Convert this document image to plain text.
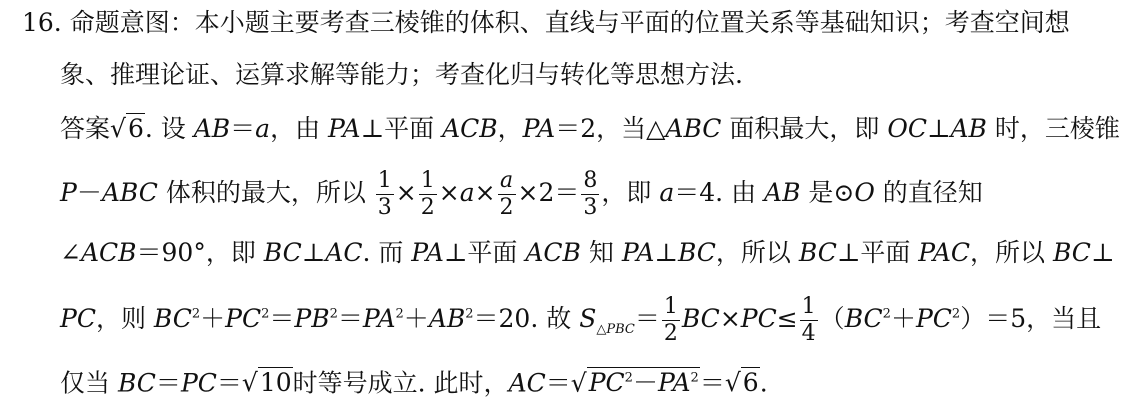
16. 命题意图：本小题主要考查三棱锥的体积、直线与平面的位置关系等基础知识；考查空间想
象、推理论证、运算求解等能力；考查化归与转化等思想方法.
答案√6. 设 AB＝a，由 PA⊥平面 ACB，PA＝2，当△ABC 面积最大，即 OC⊥AB 时，三棱锥
P－ABC 体积的最大，所以 $\frac{1}{3} \times \frac{1}{2} \times a\times \frac{a}{2} \times 2= \frac{8}{3}$ ，即 a＝4. 由 AB 是⊙O 的直径知
∠ACB＝90°，即 BC⊥AC. 而 PA⊥平面 ACB 知 PA⊥BC，所以 BC⊥平面 PAC，所以 BC⊥
PC，则 $BC^2+PC^2=PB^2=PA^2+AB^2=20$. 故 $S_{\triangle PBC}= \frac{1}{2} BC\times PC\le \frac{1}{4} (BC^2+PC^2)=5$，当且
仅当 BC＝PC＝√10时等号成立. 此时，$AC=√PC^2-PA^2=√6$.
